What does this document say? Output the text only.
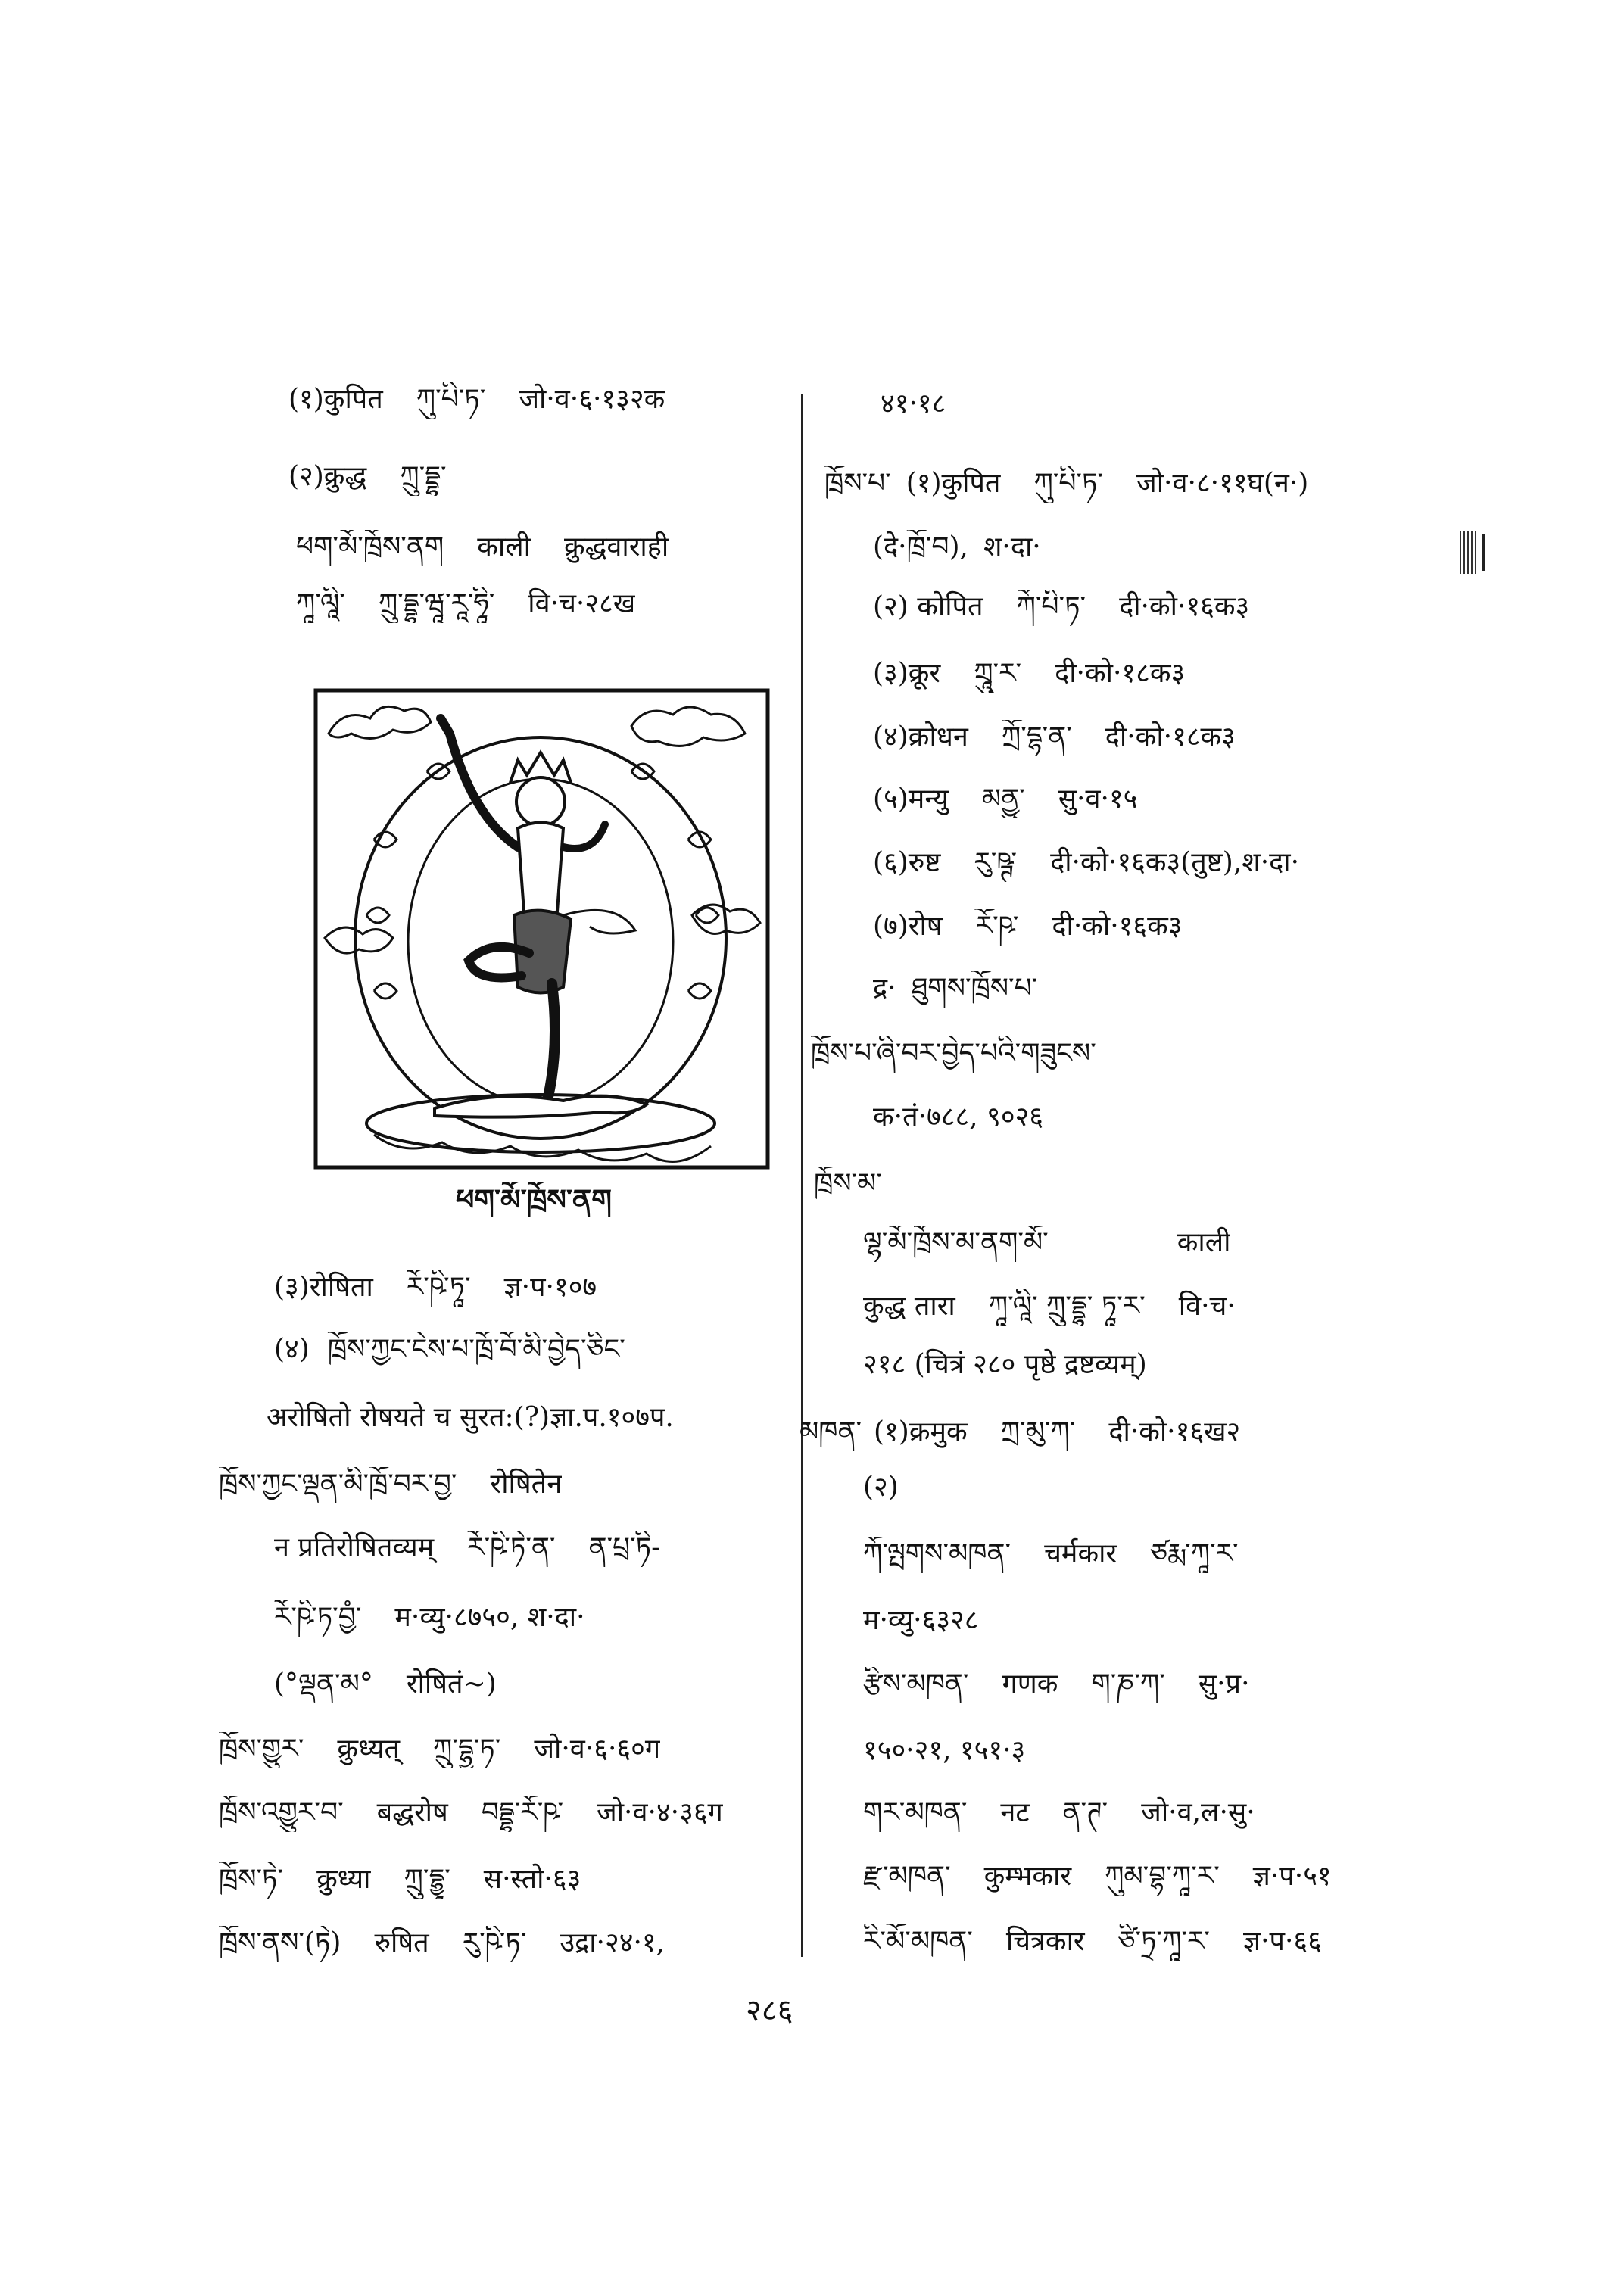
(१)कुपित ཀུ་པི་ཏ་ जो·व·६·१३२क
(२)क्रुद्ध ཀྲུ་དྡྷ་
ཕག་མོ་ཁྲོས་ནག काली क्रुद्धवाराही
ཀཱ་ལཱི་ ཀྲུ་དྡྷ་ཝཱ་རཱ་ཧཱི་ वि·च·२८ख
ཕག་མོ་ཁྲོས་ནག
(३)रोषिता རོ་ཥི་ཏཱ་ ज्ञ·प·१०७
(४) ཁྲོས་ཀྱང་ངེས་པ་ཁྲོ་བོ་མི་བྱེད་ཅིང་
अरोषितो रोषयते च सुरत:(?)ज्ञा.प.१०७प.
ཁྲོས་ཀྱང་ལྡན་མི་ཁྲོ་བར་བྱ་ रोषितेन
न प्रतिरोषितव्यम् རོ་ཥི་ཏེ་ན་ ན་པྲ་ཏི-
རོ་ཥི་ཏ་བྱཾ་ म·व्यु·८७५०, श·दा·
(°ལྡན་མ° रोषितं~)
ཁྲོས་གྱུར་ क्रुध्यत् ཀྲུ་དྷྱ་ཏ་ जो·व·६·६०ग
ཁྲོས་འགྱུར་བ་ बद्धरोष བདྡྷ་རོ་ཥ་ जो·व·४·३६ग
ཁྲོས་ཏེ་ क्रुध्या ཀྲུ་དྷྱཱ་ स·स्तो·६३
ཁྲོས་ནས་(ཏེ) रुषित རུ་ཥི་ཏ་ उद्रा·२४·१,
४१·१८
ཁྲོས་པ་ (१)कुपित ཀུ་པི་ཏ་ जो·व·८·११घ(न·)
(दे·ཁྲོ་བ), श·दा·
(२) कोपित ཀོ་པི་ཏ་ दी·को·१६क३
(३)क्रूर ཀྲཱུ་ར་ दी·को·१८क३
(४)क्रोधन ཀྲོ་དྷ་ན་ दी·को·१८क३
(५)मन्यु མནྱུ་ सु·व·१५
(६)रुष्ट རུ་ཥྚ་ दी·को·१६क३(तुष्ट),श·दा·
(७)रोष རོ་ཥ་ दी·को·१६क३
द्र· ཐུགས་ཁྲོས་པ་
ཁྲོས་པ་ཞི་བར་བྱེད་པའི་གཟུངས་
क·तं·७८८, ९०२६
ཁྲོས་མ་
ལྷ་མོ་ཁྲོས་མ་ནག་མོ་	काली
कुद्ध तारा ཀཱ་ལཱི་ ཀྲུ་དྡྷ་ ཏཱ་ར་ वि·च·
२१८ (चित्रं २८० पृष्ठे द्रष्टव्यम्)
མཁན་ (१)क्रमुक ཀྲ་མུ་ཀ་ दी·को·१६ख२
(२)
ཀོ་ལྤགས་མཁན་ चर्मकार ཙརྨ་ཀཱ་ར་
म·व्यु·६३२८
རྩིས་མཁན་ गणक ག་ཎ་ཀ་ सु·प्र·
१५०·२१, १५१·३
གར་མཁན་ नट ན་ཊ་ जो·व,ल·सु·
རྫ་མཁན་ कुम्भकार ཀུམ་བྷ་ཀཱ་ར་ ज्ञ·प·५१
རི་མོ་མཁན་ चित्रकार ཙི་ཏྲ་ཀཱ་ར་ ज्ञ·प·६६
२८६
